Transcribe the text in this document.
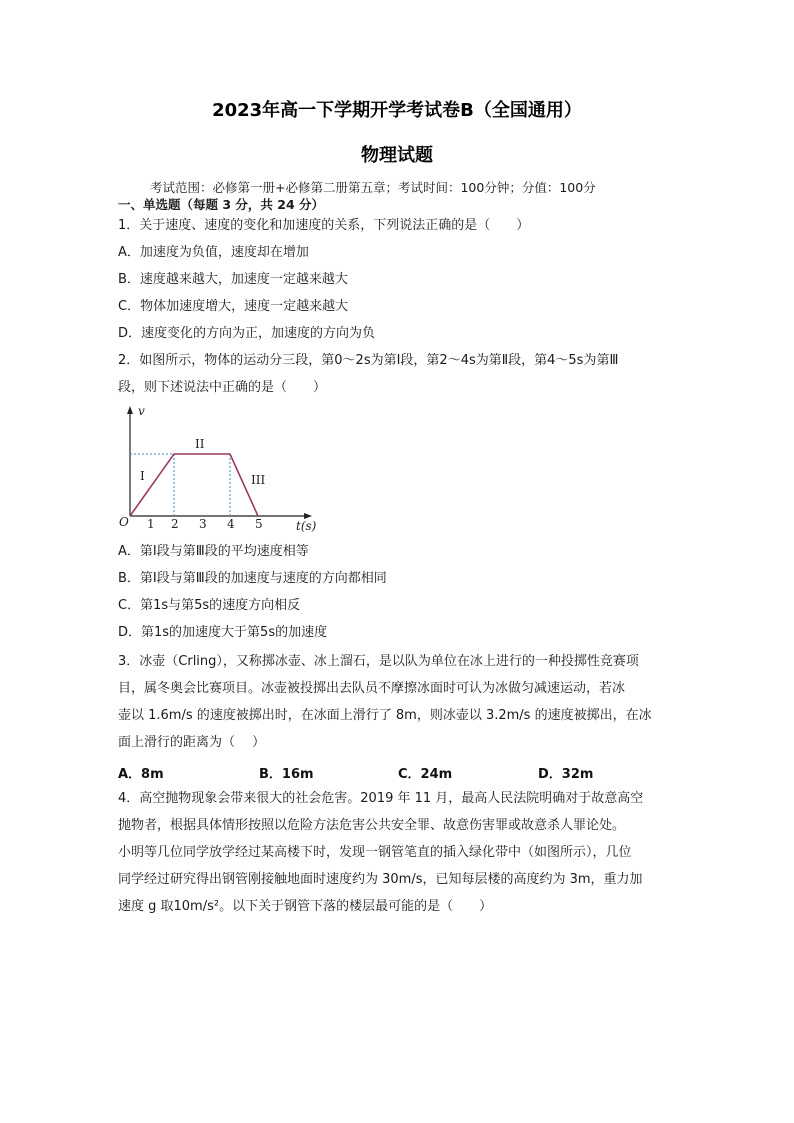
2023年高一下学期开学考试卷B（全国通用）
物理试题
考试范围：必修第一册+必修第二册第五章；考试时间：100分钟；分值：100分
一、单选题（每题 3 分，共 24 分）
1．关于速度、速度的变化和加速度的关系，下列说法正确的是（　　）
A．加速度为负值，速度却在增加
B．速度越来越大，加速度一定越来越大
C．物体加速度增大，速度一定越来越大
D．速度变化的方向为正，加速度的方向为负
2．如图所示，物体的运动分三段，第0～2s为第Ⅰ段，第2～4s为第Ⅱ段，第4～5s为第Ⅲ
段，则下述说法中正确的是（　　）
v
O 1 2 3 4 5	t(s)
I
II
III
A．第Ⅰ段与第Ⅲ段的平均速度相等
B．第Ⅰ段与第Ⅲ段的加速度与速度的方向都相同
C．第1s与第5s的速度方向相反
D．第1s的加速度大于第5s的加速度
3．冰壶（Crling），又称掷冰壶、冰上溜石，是以队为单位在冰上进行的一种投掷性竞赛项
目，属冬奥会比赛项目。冰壶被投掷出去队员不摩擦冰面时可认为冰做匀减速运动，若冰
壶以 1.6m/s 的速度被掷出时，在冰面上滑行了 8m，则冰壶以 3.2m/s 的速度被掷出，在冰
面上滑行的距离为（　 ）
A．8m	B．16m	C．24m	D．32m
4．高空抛物现象会带来很大的社会危害。2019 年 11 月，最高人民法院明确对于故意高空
抛物者，根据具体情形按照以危险方法危害公共安全罪、故意伤害罪或故意杀人罪论处。
小明等几位同学放学经过某高楼下时，发现一钢管笔直的插入绿化带中（如图所示），几位
同学经过研究得出钢管刚接触地面时速度约为 30m/s，已知每层楼的高度约为 3m，重力加
速度 g 取10m/s²。以下关于钢管下落的楼层最可能的是（　　）
